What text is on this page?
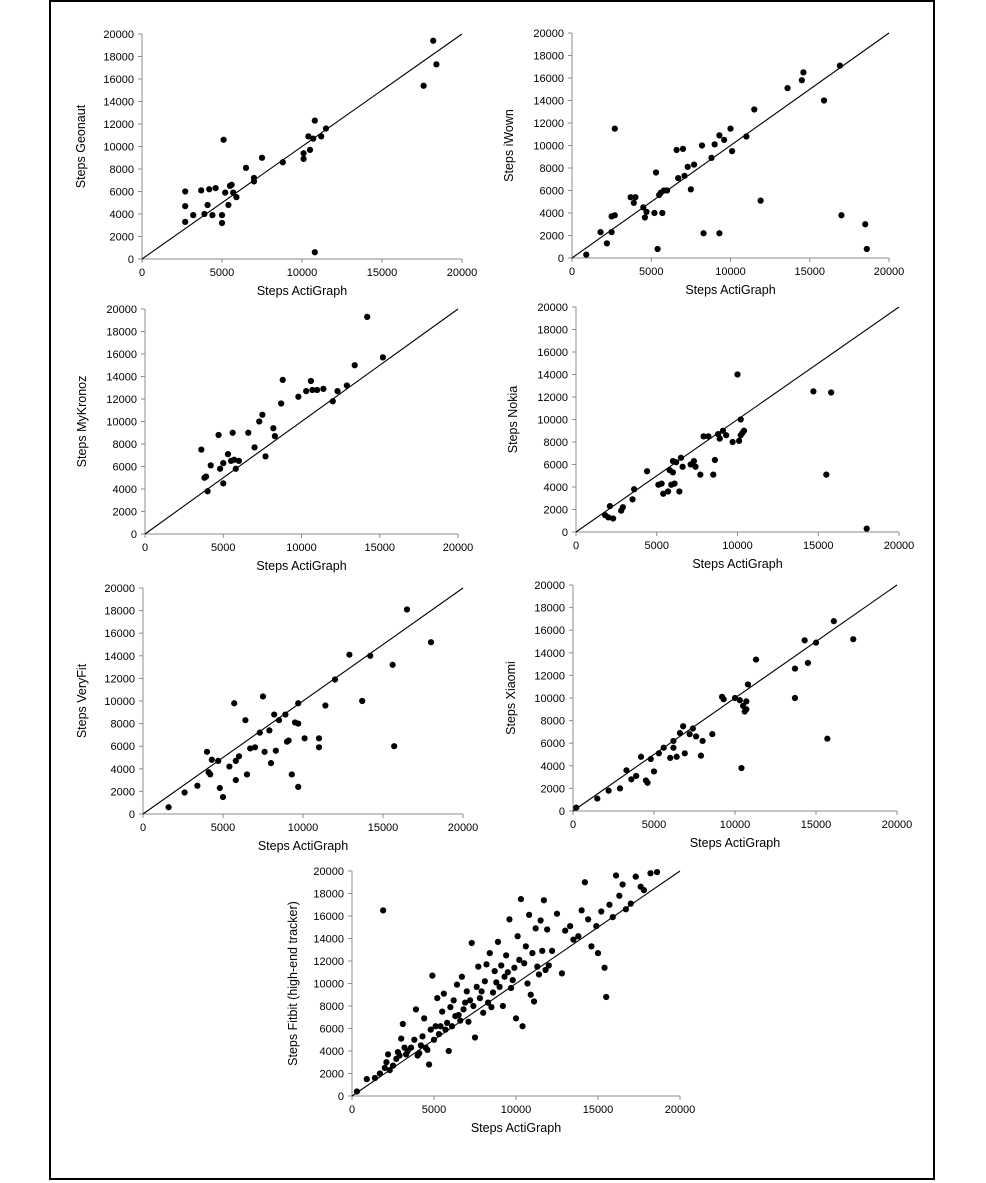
0	5000	10000	15000	20000
0
2000
4000
6000
8000
10000
12000
14000
16000
18000
20000
Steps ActiGraph
Steps Geonaut
0	5000	10000	15000	20000
0
2000
4000
6000
8000
10000
12000
14000
16000
18000
20000
Steps ActiGraph
Steps iWown
0	5000	10000	15000	20000
0
2000
4000
6000
8000
10000
12000
14000
16000
18000
20000
Steps ActiGraph
Steps MyKronoz
0	5000	10000	15000	20000
0
2000
4000
6000
8000
10000
12000
14000
16000
18000
20000
Steps ActiGraph
Steps Nokia
0	5000	10000	15000	20000
0
2000
4000
6000
8000
10000
12000
14000
16000
18000
20000
Steps ActiGraph
Steps VeryFit
0	5000	10000	15000	20000
0
2000
4000
6000
8000
10000
12000
14000
16000
18000
20000
Steps ActiGraph
Steps Xiaomi
0	5000	10000	15000	20000
0
2000
4000
6000
8000
10000
12000
14000
16000
18000
20000
Steps ActiGraph
Steps Fitbit (high-end tracker)
